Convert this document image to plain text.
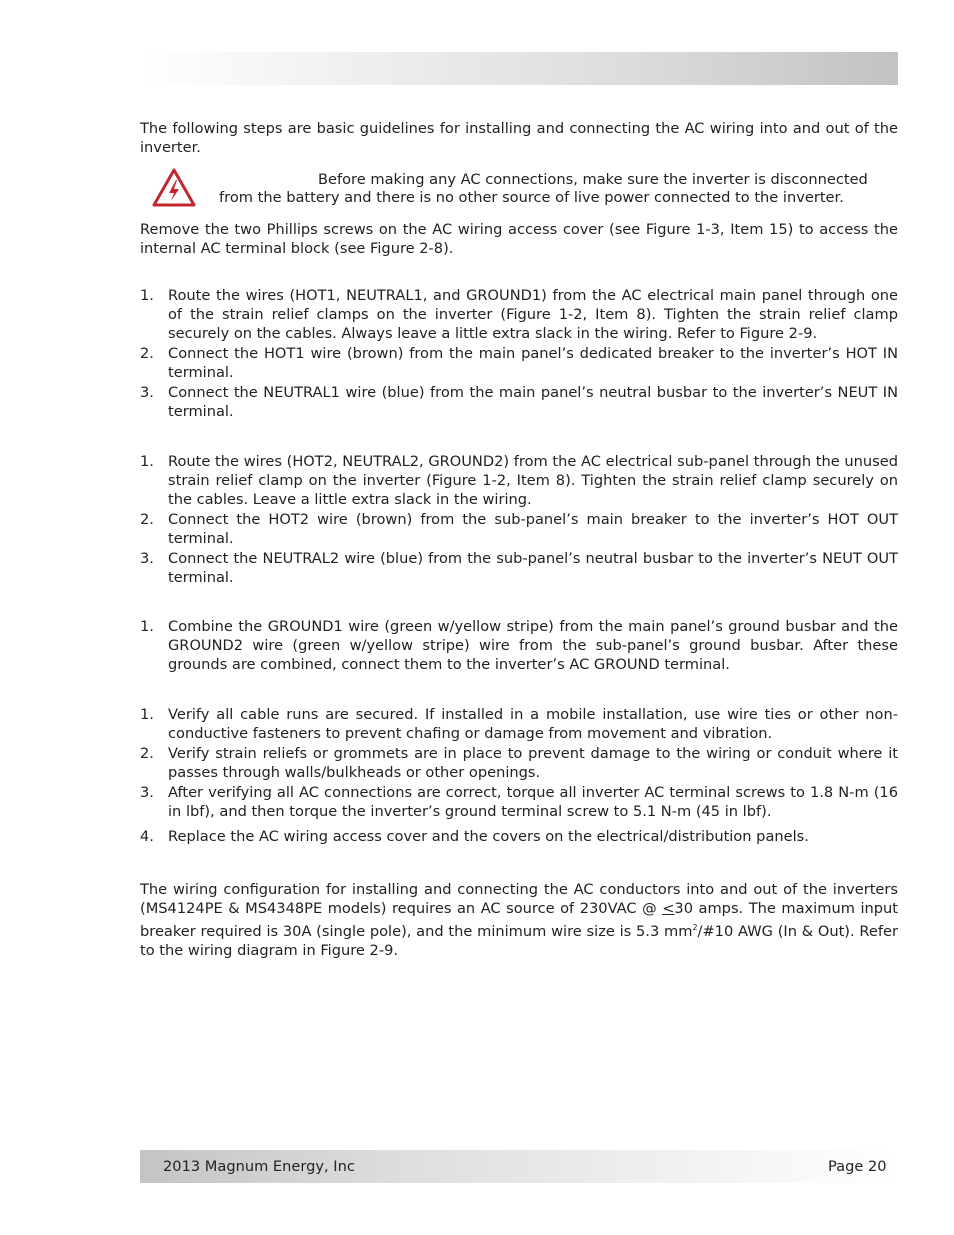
The following steps are basic guidelines for installing and connecting the AC wiring into and out of the inverter.

Before making any AC connections, make sure the inverter is disconnected
from the battery and there is no other source of live power connected to the inverter.

Remove the two Phillips screws on the AC wiring access cover (see Figure 1-3, Item 15) to access the internal AC terminal block (see Figure 2-8).

1. Route the wires (HOT1, NEUTRAL1, and GROUND1) from the AC electrical main panel through one of the strain relief clamps on the inverter (Figure 1-2, Item 8). Tighten the strain relief clamp securely on the cables. Always leave a little extra slack in the wiring. Refer to Figure 2-9.
2. Connect the HOT1 wire (brown) from the main panel’s dedicated breaker to the inverter’s HOT IN terminal.
3. Connect the NEUTRAL1 wire (blue) from the main panel’s neutral busbar to the inverter’s NEUT IN terminal.
1. Route the wires (HOT2, NEUTRAL2, GROUND2) from the AC electrical sub-panel through the unused strain relief clamp on the inverter (Figure 1-2, Item 8). Tighten the strain relief clamp securely on the cables. Leave a little extra slack in the wiring.
2. Connect the HOT2 wire (brown) from the sub-panel’s main breaker to the inverter’s HOT OUT terminal.
3. Connect the NEUTRAL2 wire (blue) from the sub-panel’s neutral busbar to the inverter’s NEUT OUT terminal.
1. Combine the GROUND1 wire (green w/yellow stripe) from the main panel’s ground busbar and the GROUND2 wire (green w/yellow stripe) wire from the sub-panel’s ground busbar. After these grounds are combined, connect them to the inverter’s AC GROUND terminal.
1. Verify all cable runs are secured. If installed in a mobile installation, use wire ties or other non-conductive fasteners to prevent chafing or damage from movement and vibration.
2. Verify strain reliefs or grommets are in place to prevent damage to the wiring or conduit where it passes through walls/bulkheads or other openings.
3. After verifying all AC connections are correct, torque all inverter AC terminal screws to 1.8 N-m (16 in lbf), and then torque the inverter’s ground terminal screw to 5.1 N-m (45 in lbf).
4. Replace the AC wiring access cover and the covers on the electrical/distribution panels.

The wiring configuration for installing and connecting the AC conductors into and out of the inverters (MS4124PE & MS4348PE models) requires an AC source of 230VAC @ ≤30 amps. The maximum input breaker required is 30A (single pole), and the minimum wire size is 5.3 $mm^2/\#10$ AWG (In & Out). Refer to the wiring diagram in Figure 2-9.

2013 Magnum Energy, Inc	Page 20
